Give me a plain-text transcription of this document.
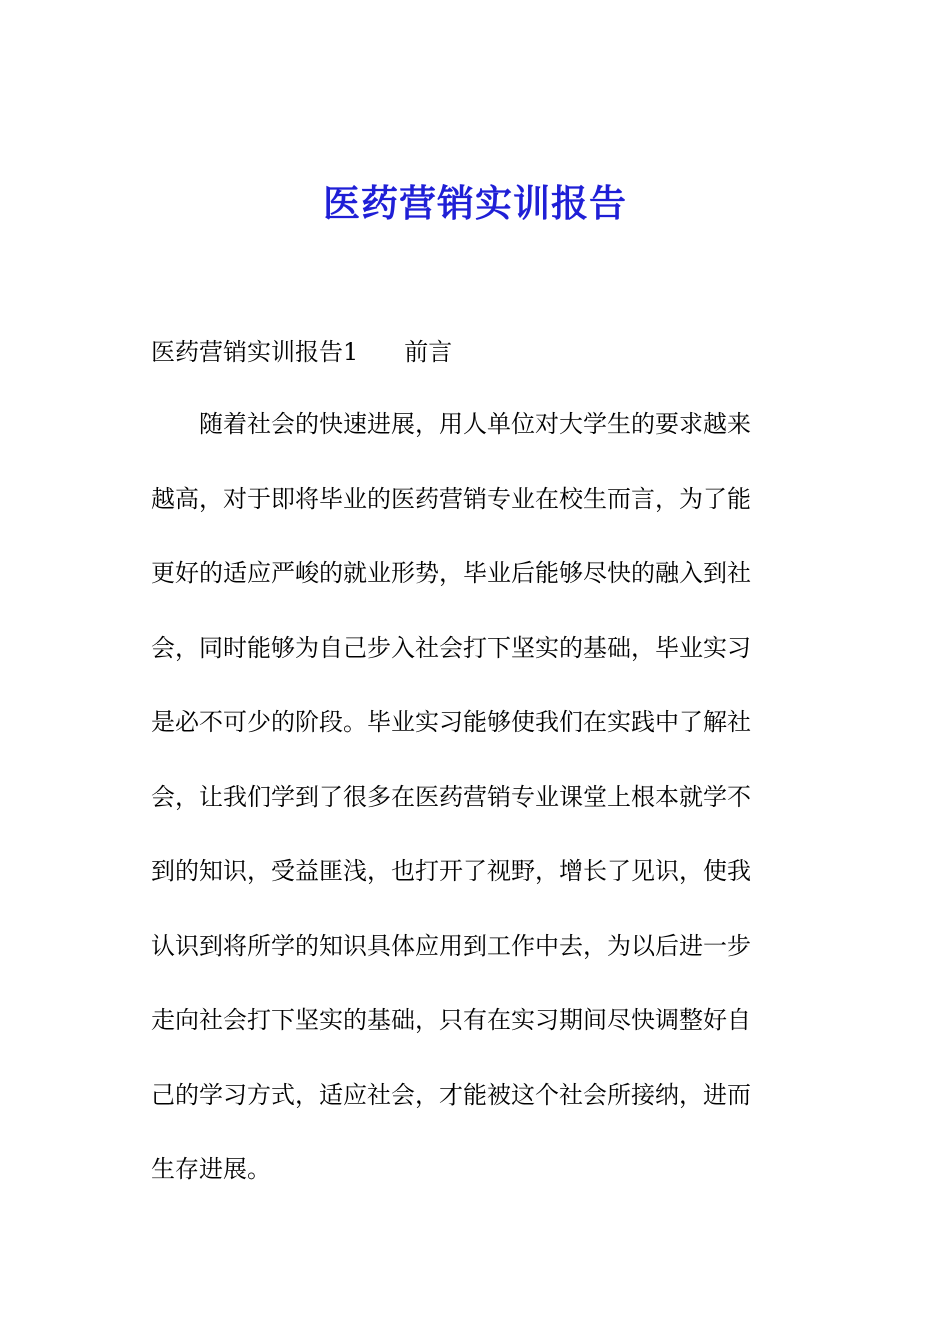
医药营销实训报告
医药营销实训报告1 前言
随着社会的快速进展，用人单位对大学生的要求越来
越高，对于即将毕业的医药营销专业在校生而言，为了能
更好的适应严峻的就业形势，毕业后能够尽快的融入到社
会，同时能够为自己步入社会打下坚实的基础，毕业实习
是必不可少的阶段。毕业实习能够使我们在实践中了解社
会，让我们学到了很多在医药营销专业课堂上根本就学不
到的知识，受益匪浅，也打开了视野，增长了见识，使我
认识到将所学的知识具体应用到工作中去，为以后进一步
走向社会打下坚实的基础，只有在实习期间尽快调整好自
己的学习方式，适应社会，才能被这个社会所接纳，进而
生存进展。
